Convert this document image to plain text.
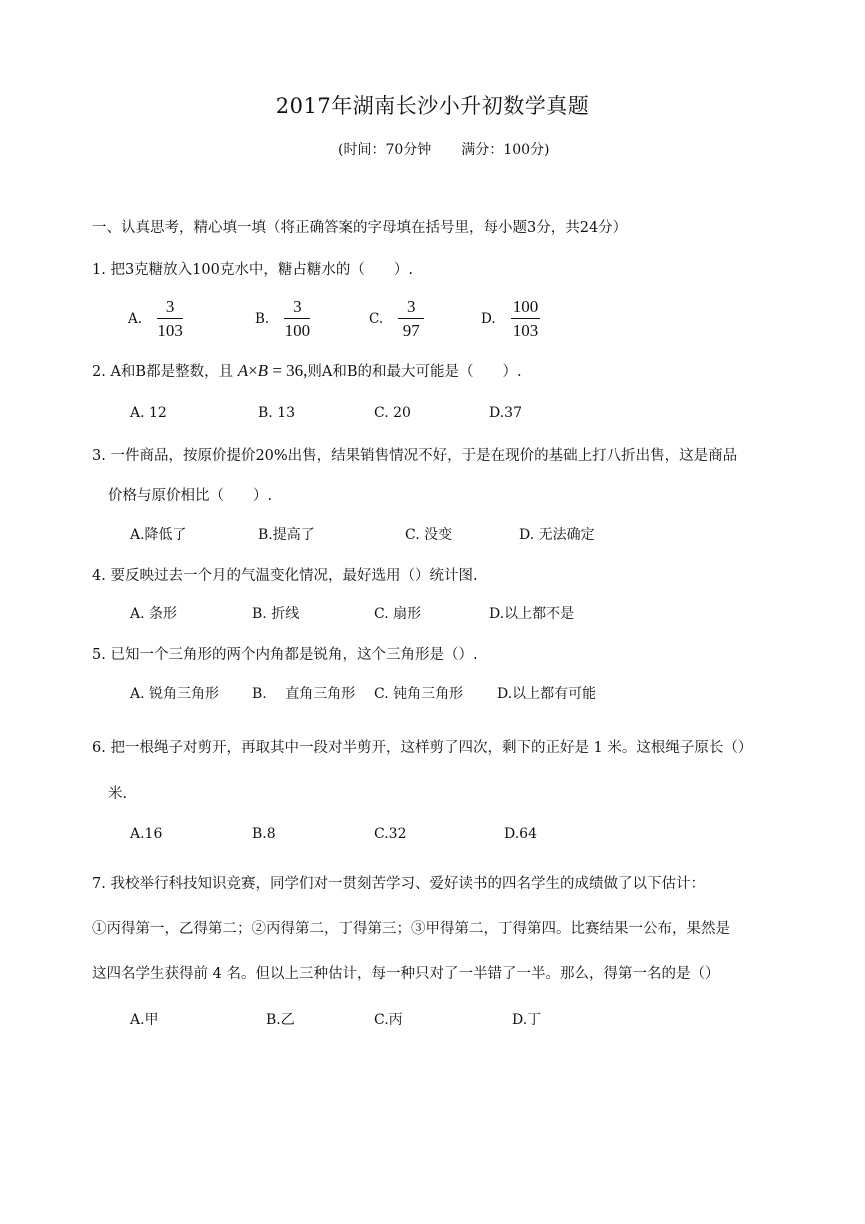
2017年湖南长沙小升初数学真题
(时间：70分钟 满分：100分)
一、认真思考，精心填一填（将正确答案的字母填在括号里，每小题3分，共24分）
1. 把3克糖放入100克水中，糖占糖水的（　　）.
A. $\frac{3}{103}$	B. $\frac{3}{100}$	C. $\frac{3}{97}$	D. $\frac{100}{103}$
2. A和B都是整数，且 A×B = 36,则A和B的和最大可能是（　　）.
A. 12	B. 13	C. 20	D.37
3. 一件商品，按原价提价20%出售，结果销售情况不好，于是在现价的基础上打八折出售，这是商品
价格与原价相比（　　）.
A.降低了	B.提高了	C. 没变	D. 无法确定
4. 要反映过去一个月的气温变化情况，最好选用（）统计图.
A. 条形	B. 折线	C. 扇形	D.以上都不是
5. 已知一个三角形的两个内角都是锐角，这个三角形是（）.
A. 锐角三角形 B.　 直角三角形 C. 钝角三角形 D.以上都有可能
6. 把一根绳子对剪开，再取其中一段对半剪开，这样剪了四次，剩下的正好是 1 米。这根绳子原长（）
米.
A.16	B.8	C.32	D.64
7. 我校举行科技知识竞赛，同学们对一贯刻苦学习、爱好读书的四名学生的成绩做了以下估计：
①丙得第一，乙得第二；②丙得第二，丁得第三；③甲得第二，丁得第四。比赛结果一公布，果然是
这四名学生获得前 4 名。但以上三种估计，每一种只对了一半错了一半。那么，得第一名的是（）
A.甲	B.乙	C.丙	D.丁
